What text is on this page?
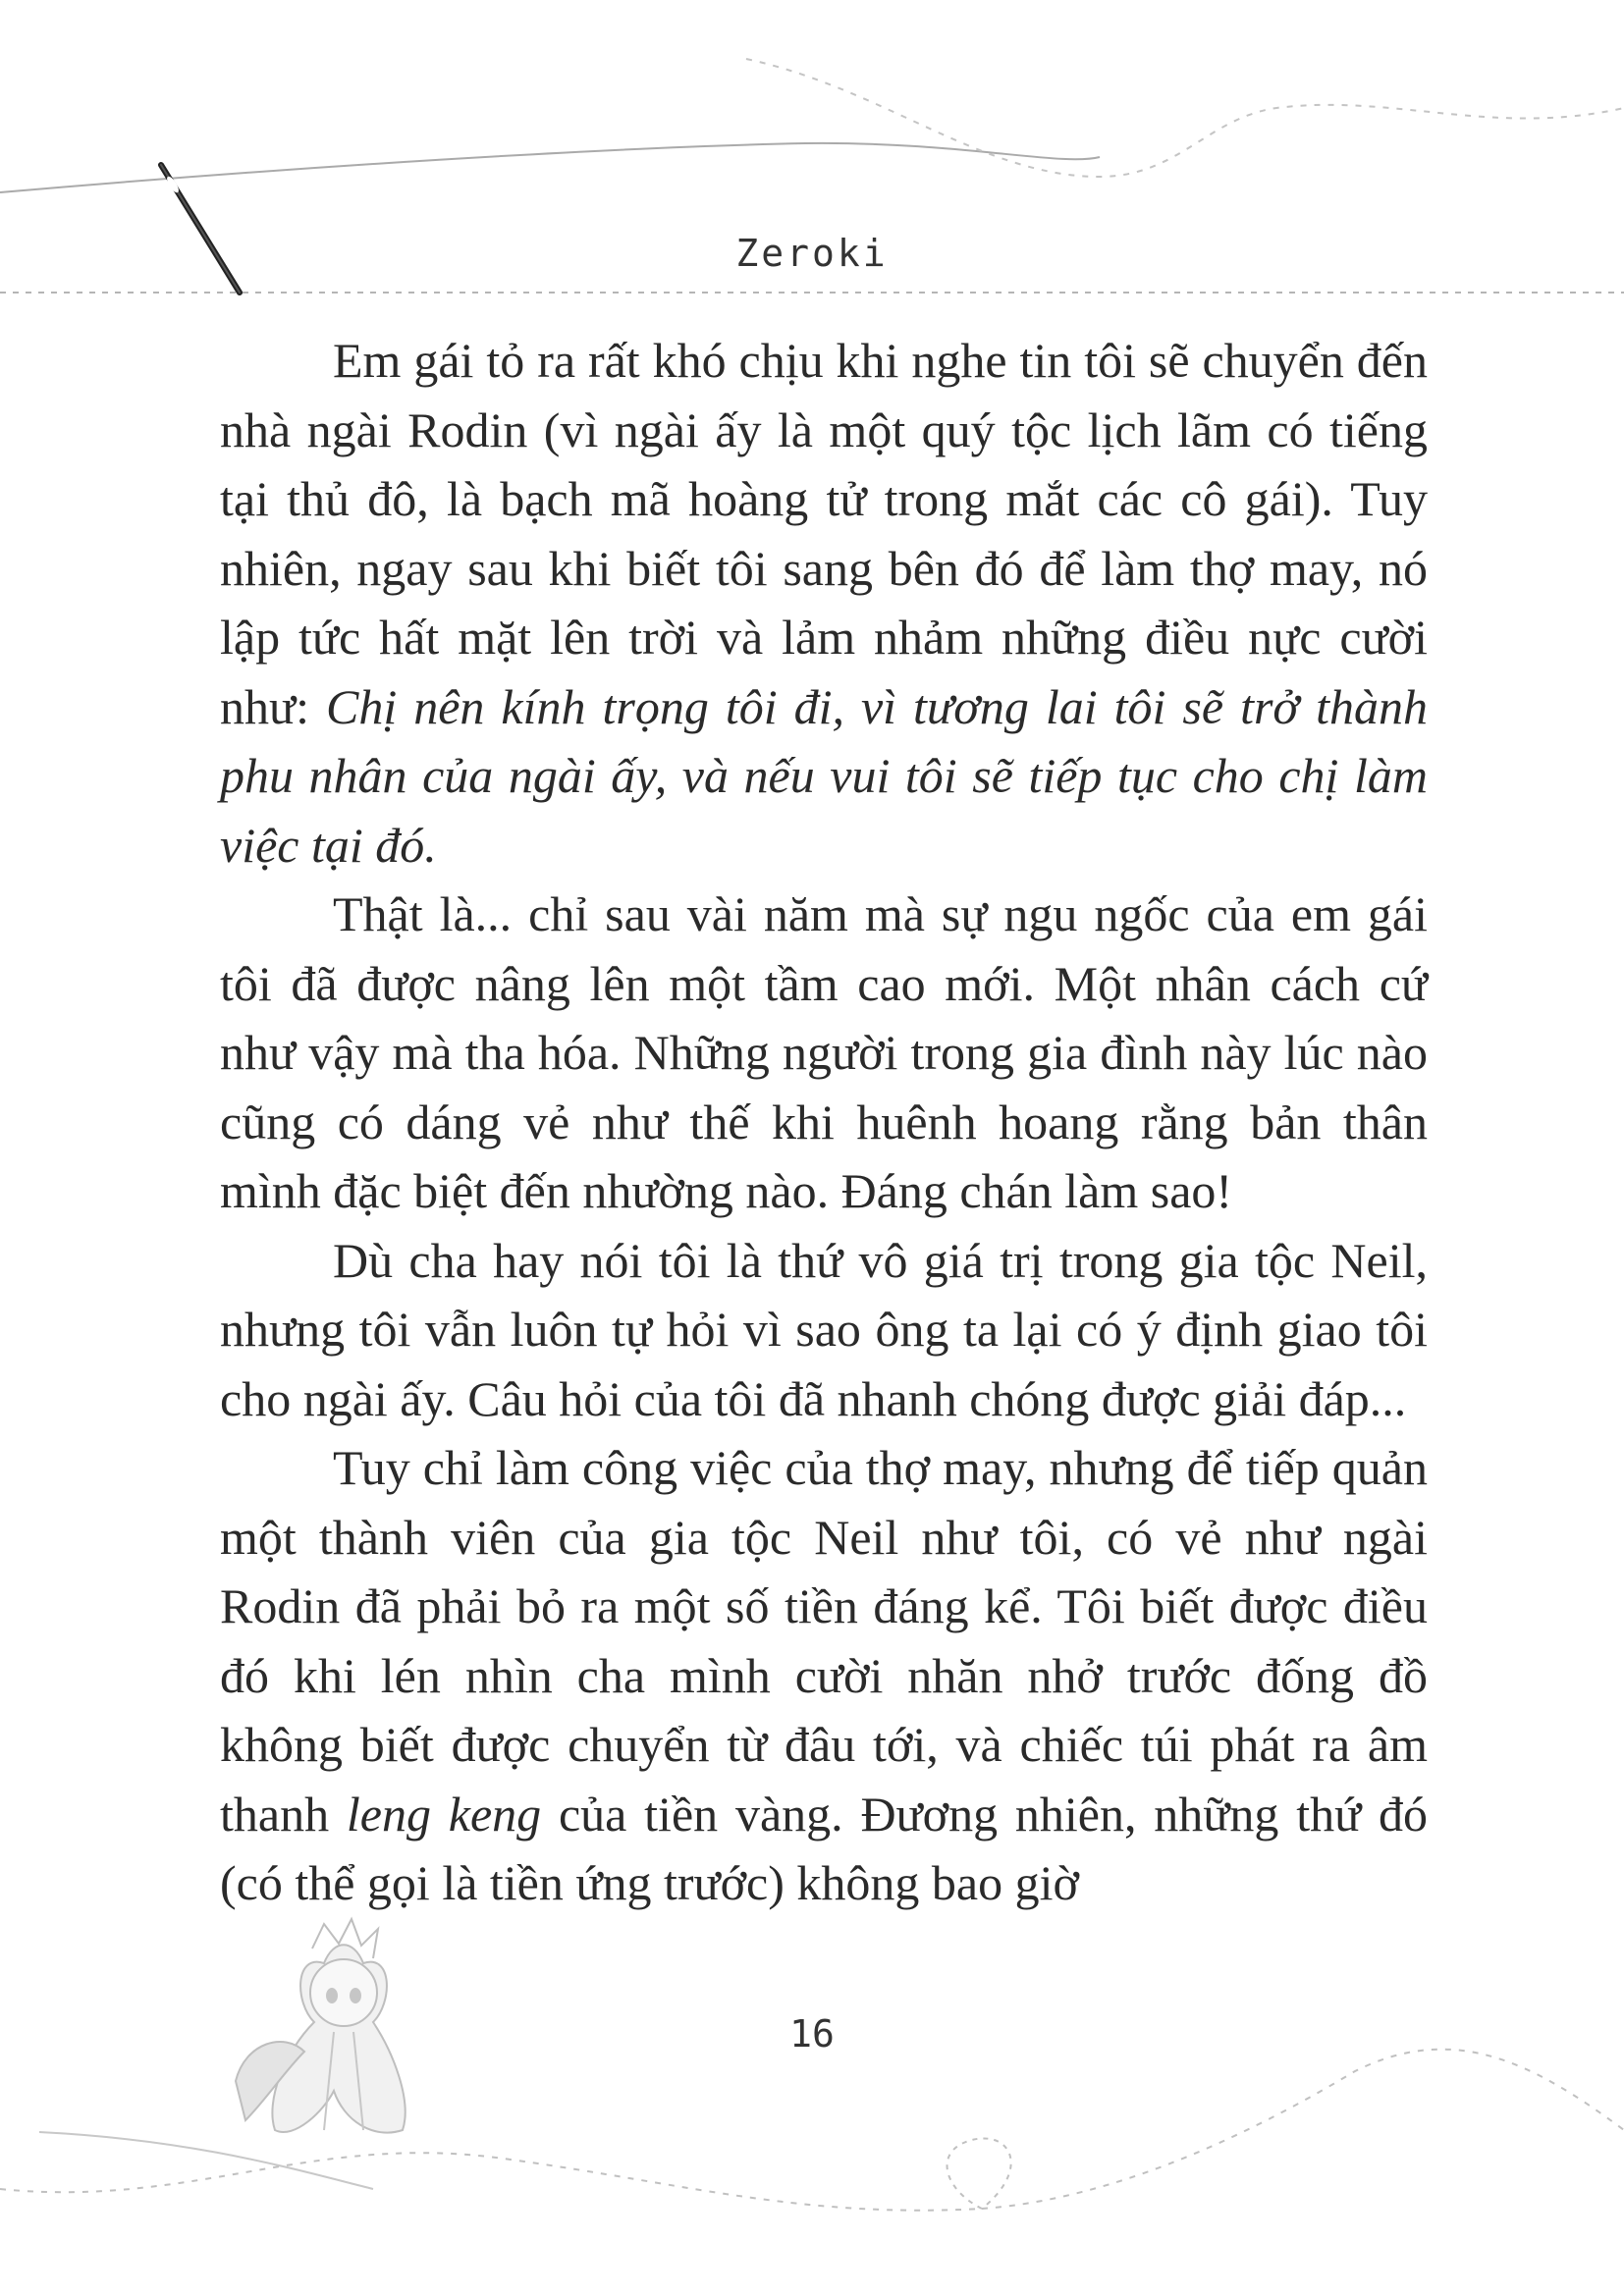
Zeroki

Em gái tỏ ra rất khó chịu khi nghe tin tôi sẽ chuyển đến nhà ngài Rodin (vì ngài ấy là một quý tộc lịch lãm có tiếng tại thủ đô, là bạch mã hoàng tử trong mắt các cô gái). Tuy nhiên, ngay sau khi biết tôi sang bên đó để làm thợ may, nó lập tức hất mặt lên trời và lảm nhảm những điều nực cười như: Chị nên kính trọng tôi đi, vì tương lai tôi sẽ trở thành phu nhân của ngài ấy, và nếu vui tôi sẽ tiếp tục cho chị làm việc tại đó.

Thật là... chỉ sau vài năm mà sự ngu ngốc của em gái tôi đã được nâng lên một tầm cao mới. Một nhân cách cứ như vậy mà tha hóa. Những người trong gia đình này lúc nào cũng có dáng vẻ như thế khi huênh hoang rằng bản thân mình đặc biệt đến nhường nào. Đáng chán làm sao!

Dù cha hay nói tôi là thứ vô giá trị trong gia tộc Neil, nhưng tôi vẫn luôn tự hỏi vì sao ông ta lại có ý định giao tôi cho ngài ấy. Câu hỏi của tôi đã nhanh chóng được giải đáp...

Tuy chỉ làm công việc của thợ may, nhưng để tiếp quản một thành viên của gia tộc Neil như tôi, có vẻ như ngài Rodin đã phải bỏ ra một số tiền đáng kể. Tôi biết được điều đó khi lén nhìn cha mình cười nhăn nhở trước đống đồ không biết được chuyển từ đâu tới, và chiếc túi phát ra âm thanh leng keng của tiền vàng. Đương nhiên, những thứ đó (có thể gọi là tiền ứng trước) không bao giờ

16
